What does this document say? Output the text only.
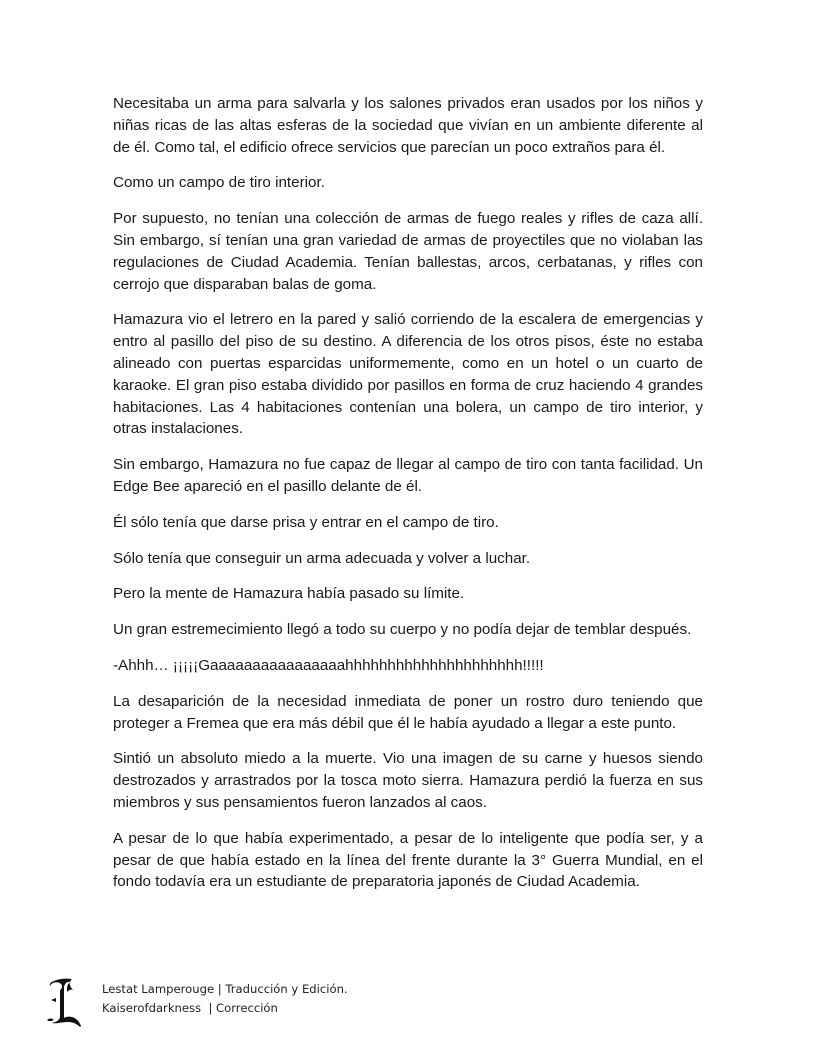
Necesitaba un arma para salvarla y los salones privados eran usados por los niños y niñas ricas de las altas esferas de la sociedad que vivían en un ambiente diferente al de él. Como tal, el edificio ofrece servicios que parecían un poco extraños para él.

Como un campo de tiro interior.

Por supuesto, no tenían una colección de armas de fuego reales y rifles de caza allí. Sin embargo, sí tenían una gran variedad de armas de proyectiles que no violaban las regulaciones de Ciudad Academia. Tenían ballestas, arcos, cerbatanas, y rifles con cerrojo que disparaban balas de goma.

Hamazura vio el letrero en la pared y salió corriendo de la escalera de emergencias y entro al pasillo del piso de su destino. A diferencia de los otros pisos, éste no estaba alineado con puertas esparcidas uniformemente, como en un hotel o un cuarto de karaoke. El gran piso estaba dividido por pasillos en forma de cruz haciendo 4 grandes habitaciones. Las 4 habitaciones contenían una bolera, un campo de tiro interior, y otras instalaciones.

Sin embargo, Hamazura no fue capaz de llegar al campo de tiro con tanta facilidad. Un Edge Bee apareció en el pasillo delante de él.

Él sólo tenía que darse prisa y entrar en el campo de tiro.

Sólo tenía que conseguir un arma adecuada y volver a luchar.

Pero la mente de Hamazura había pasado su límite.

Un gran estremecimiento llegó a todo su cuerpo y no podía dejar de temblar después.

-Ahhh… ¡¡¡¡¡Gaaaaaaaaaaaaaaaahhhhhhhhhhhhhhhhhhhhh!!!!!

La desaparición de la necesidad inmediata de poner un rostro duro teniendo que proteger a Fremea que era más débil que él le había ayudado a llegar a este punto.

Sintió un absoluto miedo a la muerte. Vio una imagen de su carne y huesos siendo destrozados y arrastrados por la tosca moto sierra. Hamazura perdió la fuerza en sus miembros y sus pensamientos fueron lanzados al caos.

A pesar de lo que había experimentado, a pesar de lo inteligente que podía ser, y a pesar de que había estado en la línea del frente durante la 3° Guerra Mundial, en el fondo todavía era un estudiante de preparatoria japonés de Ciudad Academia.

Lestat Lamperouge | Traducción y Edición.
Kaiserofdarkness  | Corrección
